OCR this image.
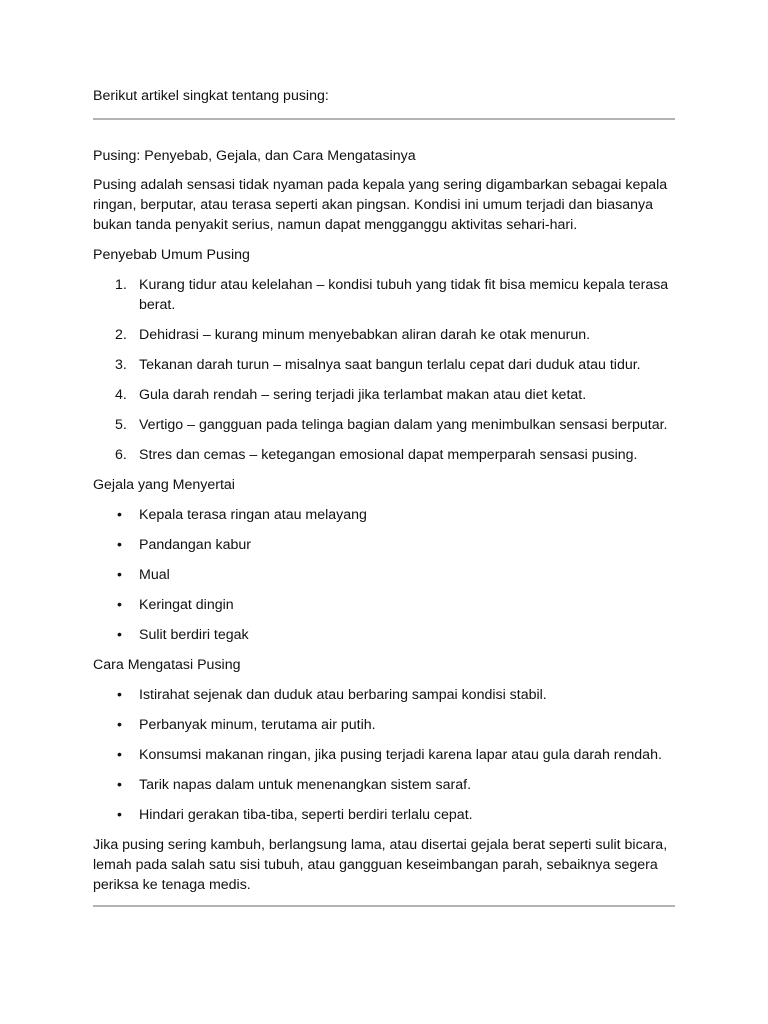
Berikut artikel singkat tentang pusing:

Pusing: Penyebab, Gejala, dan Cara Mengatasinya

Pusing adalah sensasi tidak nyaman pada kepala yang sering digambarkan sebagai kepala ringan, berputar, atau terasa seperti akan pingsan. Kondisi ini umum terjadi dan biasanya bukan tanda penyakit serius, namun dapat mengganggu aktivitas sehari-hari.

Penyebab Umum Pusing

1. Kurang tidur atau kelelahan – kondisi tubuh yang tidak fit bisa memicu kepala terasa berat.
2. Dehidrasi – kurang minum menyebabkan aliran darah ke otak menurun.
3. Tekanan darah turun – misalnya saat bangun terlalu cepat dari duduk atau tidur.
4. Gula darah rendah – sering terjadi jika terlambat makan atau diet ketat.
5. Vertigo – gangguan pada telinga bagian dalam yang menimbulkan sensasi berputar.
6. Stres dan cemas – ketegangan emosional dapat memperparah sensasi pusing.

Gejala yang Menyertai

• Kepala terasa ringan atau melayang
• Pandangan kabur
• Mual
• Keringat dingin
• Sulit berdiri tegak

Cara Mengatasi Pusing

• Istirahat sejenak dan duduk atau berbaring sampai kondisi stabil.
• Perbanyak minum, terutama air putih.
• Konsumsi makanan ringan, jika pusing terjadi karena lapar atau gula darah rendah.
• Tarik napas dalam untuk menenangkan sistem saraf.
• Hindari gerakan tiba-tiba, seperti berdiri terlalu cepat.

Jika pusing sering kambuh, berlangsung lama, atau disertai gejala berat seperti sulit bicara, lemah pada salah satu sisi tubuh, atau gangguan keseimbangan parah, sebaiknya segera periksa ke tenaga medis.
